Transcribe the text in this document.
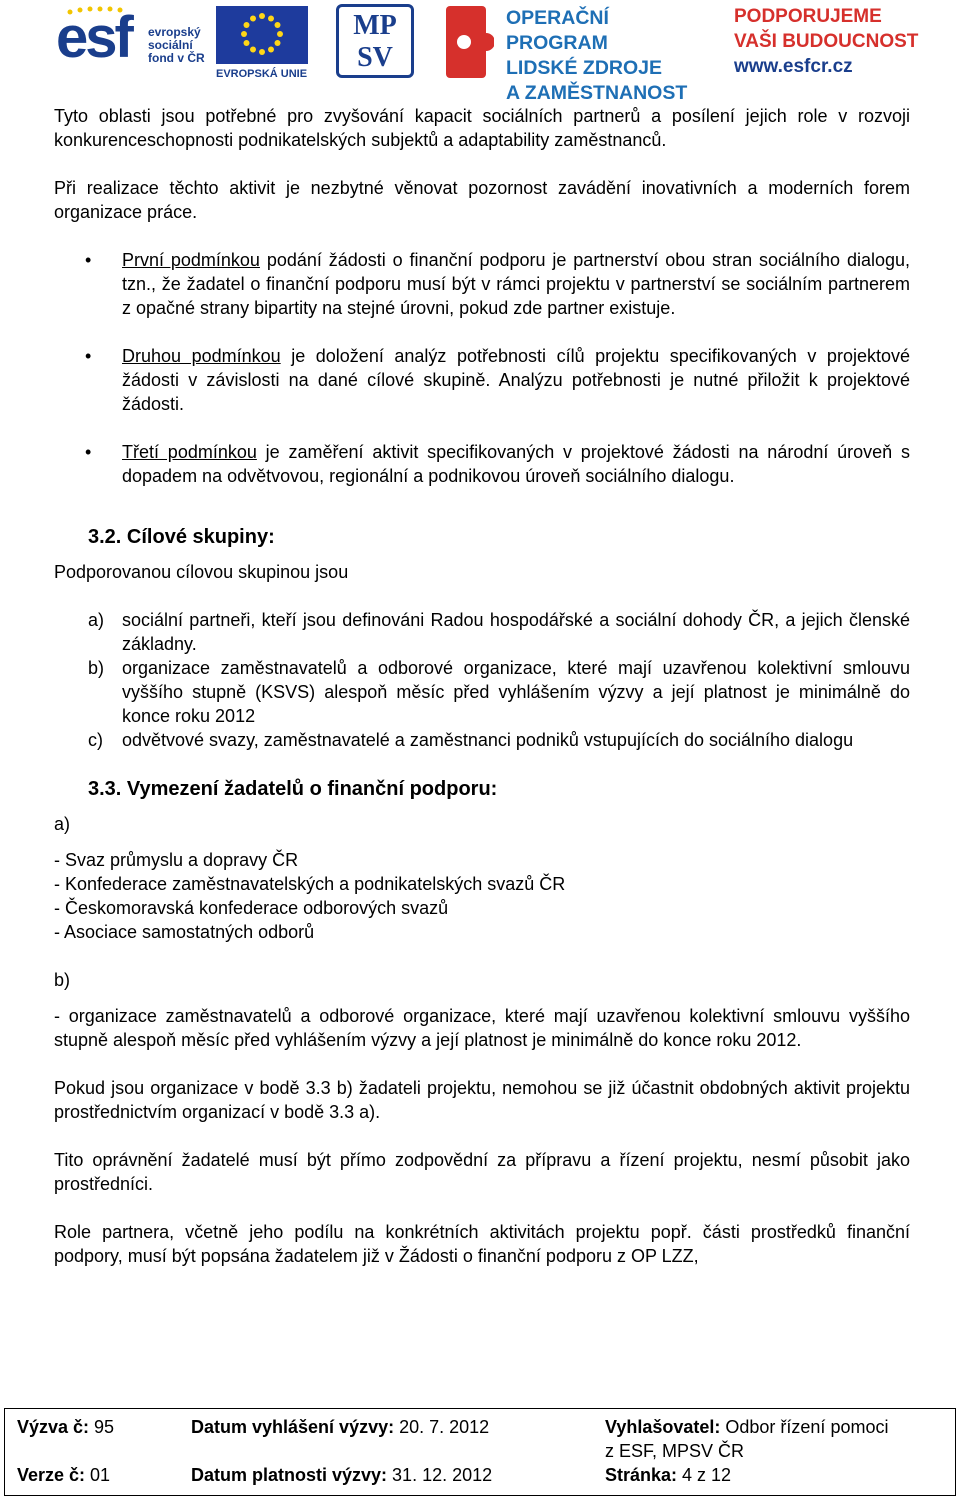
esf evropský
sociální
fond v ČR
EVROPSKÁ UNIE
MP
SV
OPERAČNÍ PROGRAM
LIDSKÉ ZDROJE
A ZAMĚSTNANOST
PODPORUJEME
VAŠI BUDOUCNOST
www.esfcr.cz

Tyto oblasti jsou potřebné pro zvyšování kapacit sociálních partnerů a posílení jejich role v rozvoji konkurenceschopnosti podnikatelských subjektů a adaptability zaměstnanců.

Při realizace těchto aktivit je nezbytné věnovat pozornost zavádění inovativních a moderních forem organizace práce.

• První podmínkou podání žádosti o finanční podporu je partnerství obou stran sociálního dialogu, tzn., že žadatel o finanční podporu musí být v rámci projektu v partnerství se sociálním partnerem z opačné strany bipartity na stejné úrovni, pokud zde partner existuje.
• Druhou podmínkou je doložení analýz potřebnosti cílů projektu specifikovaných v projektové žádosti v závislosti na dané cílové skupině. Analýzu potřebnosti je nutné přiložit k projektové žádosti.
• Třetí podmínkou je zaměření aktivit specifikovaných v projektové žádosti na národní úroveň s dopadem na odvětvovou, regionální a podnikovou úroveň sociálního dialogu.

3.2. Cílové skupiny:

Podporovanou cílovou skupinou jsou

a) sociální partneři, kteří jsou definováni Radou hospodářské a sociální dohody ČR, a jejich členské základny.
b) organizace zaměstnavatelů a odborové organizace, které mají uzavřenou kolektivní smlouvu vyššího stupně (KSVS) alespoň měsíc před vyhlášením výzvy a její platnost je minimálně do konce roku 2012
c) odvětvové svazy, zaměstnavatelé a zaměstnanci podniků vstupujících do sociálního dialogu

3.3. Vymezení žadatelů o finanční podporu:

a)

- Svaz průmyslu a dopravy ČR

- Konfederace zaměstnavatelských a podnikatelských svazů ČR

- Českomoravská konfederace odborových svazů

- Asociace samostatných odborů

b)

- organizace zaměstnavatelů a odborové organizace, které mají uzavřenou kolektivní smlouvu vyššího stupně alespoň měsíc před vyhlášením výzvy a její platnost je minimálně do konce roku 2012.

Pokud jsou organizace v bodě 3.3 b) žadateli projektu, nemohou se již účastnit obdobných aktivit projektu prostřednictvím organizací v bodě 3.3 a).

Tito oprávnění žadatelé musí být přímo zodpovědní za přípravu a řízení projektu, nesmí působit jako prostředníci.

Role partnera, včetně jeho podílu na konkrétních aktivitách projektu popř. části prostředků finanční podpory, musí být popsána žadatelem již v Žádosti o finanční podporu z OP LZZ,

Výzva č: 95	Datum vyhlášení výzvy: 20. 7. 2012	Vyhlašovatel: Odbor řízení pomoci
z ESF, MPSV ČR
Verze č: 01	Datum platnosti výzvy: 31. 12. 2012	Stránka: 4 z 12
